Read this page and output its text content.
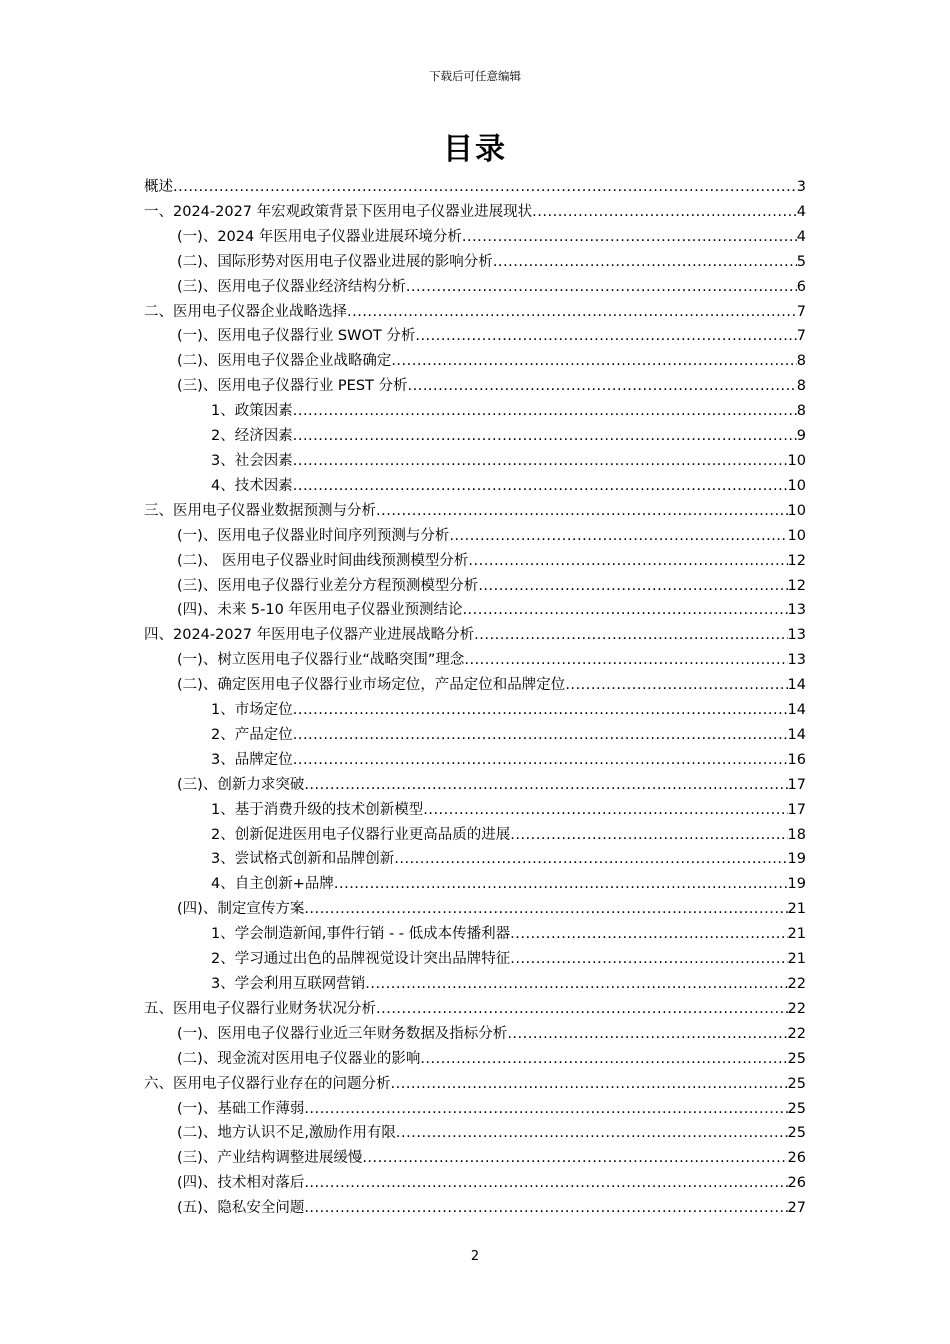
下载后可任意编辑
目录
概述 .....	3
一、2024-2027 年宏观政策背景下医用电子仪器业进展现状 .....	4
(一)、2024 年医用电子仪器业进展环境分析 .....	4
(二)、国际形势对医用电子仪器业进展的影响分析 .....	5
(三)、医用电子仪器业经济结构分析 .....	6
二、医用电子仪器企业战略选择 .....	7
(一)、医用电子仪器行业 SWOT 分析 .....	7
(二)、医用电子仪器企业战略确定 .....	8
(三)、医用电子仪器行业 PEST 分析 .....	8
1、政策因素 .....	8
2、经济因素 .....	9
3、社会因素 .....	10
4、技术因素 .....	10
三、医用电子仪器业数据预测与分析 .....	10
(一)、医用电子仪器业时间序列预测与分析 .....	10
(二)、 医用电子仪器业时间曲线预测模型分析 .....	12
(三)、医用电子仪器行业差分方程预测模型分析 .....	12
(四)、未来 5-10 年医用电子仪器业预测结论 .....	13
四、2024-2027 年医用电子仪器产业进展战略分析 .....	13
(一)、树立医用电子仪器行业“战略突围”理念 .....	13
(二)、确定医用电子仪器行业市场定位，产品定位和品牌定位 .....	14
1、市场定位 .....	14
2、产品定位 .....	14
3、品牌定位 .....	16
(三)、创新力求突破 .....	17
1、基于消费升级的技术创新模型 .....	17
2、创新促进医用电子仪器行业更高品质的进展 .....	18
3、尝试格式创新和品牌创新 .....	19
4、自主创新+品牌 .....	19
(四)、制定宣传方案 .....	21
1、学会制造新闻,事件行销 - - 低成本传播利器 .....	21
2、学习通过出色的品牌视觉设计突出品牌特征 .....	21
3、学会利用互联网营销 .....	22
五、医用电子仪器行业财务状况分析 .....	22
(一)、医用电子仪器行业近三年财务数据及指标分析 .....	22
(二)、现金流对医用电子仪器业的影响 .....	25
六、医用电子仪器行业存在的问题分析 .....	25
(一)、基础工作薄弱 .....	25
(二)、地方认识不足,激励作用有限 .....	25
(三)、产业结构调整进展缓慢 .....	26
(四)、技术相对落后 .....	26
(五)、隐私安全问题 .....	27
2
